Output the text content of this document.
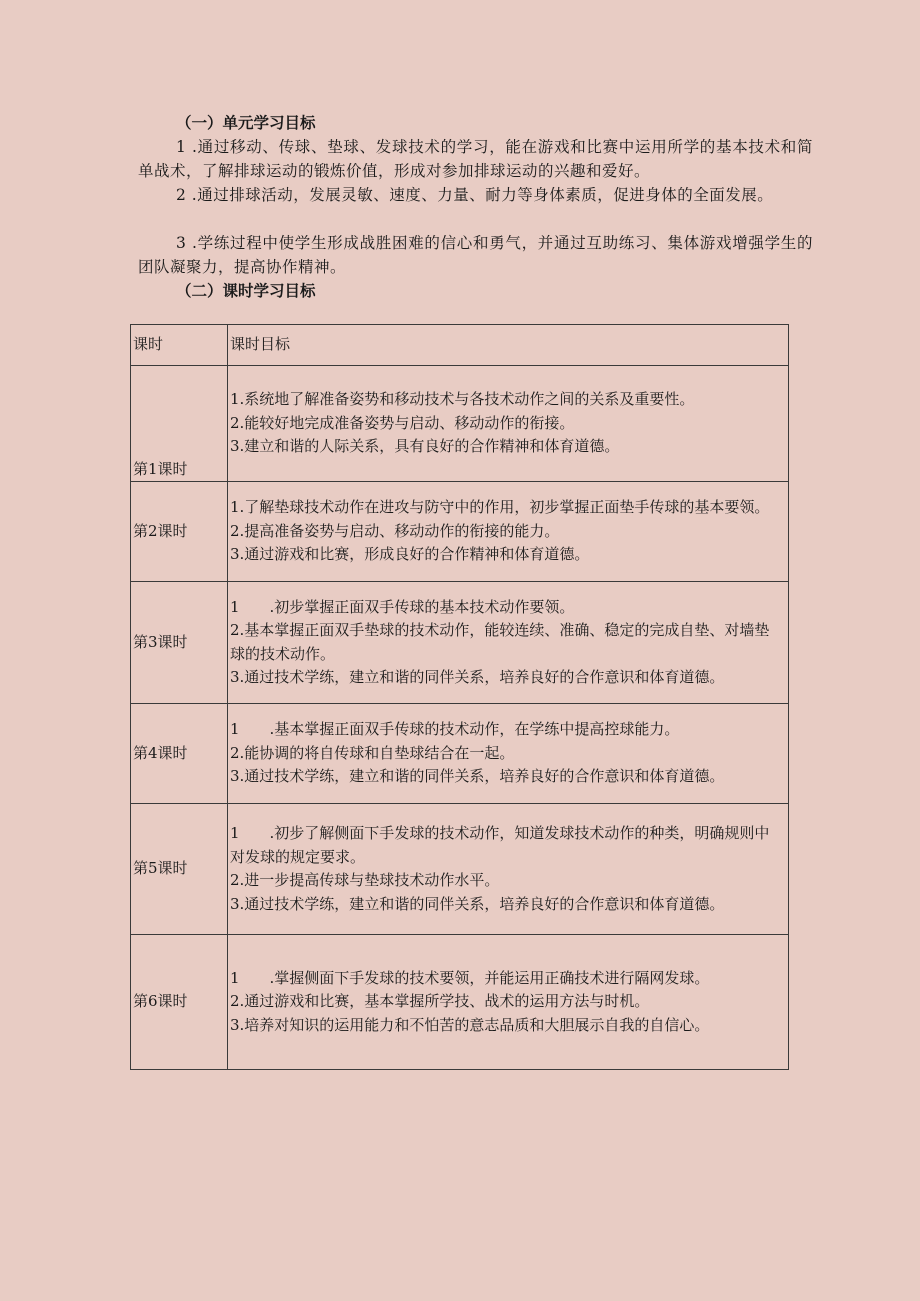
（一）单元学习目标
1 .通过移动、传球、垫球、发球技术的学习，能在游戏和比赛中运用所学的基本技术和简单战术，了解排球运动的锻炼价值，形成对参加排球运动的兴趣和爱好。
2 .通过排球活动，发展灵敏、速度、力量、耐力等身体素质，促进身体的全面发展。
3 .学练过程中使学生形成战胜困难的信心和勇气，并通过互助练习、集体游戏增强学生的团队凝聚力，提高协作精神。
（二）课时学习目标
课时	课时目标
第1课时	1.系统地了解准备姿势和移动技术与各技术动作之间的关系及重要性。
2.能较好地完成准备姿势与启动、移动动作的衔接。
3.建立和谐的人际关系，具有良好的合作精神和体育道德。

第2课时	1.了解垫球技术动作在进攻与防守中的作用，初步掌握正面垫手传球的基本要领。
2.提高准备姿势与启动、移动动作的衔接的能力。
3.通过游戏和比赛，形成良好的合作精神和体育道德。

第3课时	1　　.初步掌握正面双手传球的基本技术动作要领。
2.基本掌握正面双手垫球的技术动作，能较连续、准确、稳定的完成自垫、对墙垫球的技术动作。
3.通过技术学练，建立和谐的同伴关系，培养良好的合作意识和体育道德。

第4课时	1　　.基本掌握正面双手传球的技术动作，在学练中提高控球能力。
2.能协调的将自传球和自垫球结合在一起。
3.通过技术学练，建立和谐的同伴关系，培养良好的合作意识和体育道德。

第5课时	1　　.初步了解侧面下手发球的技术动作，知道发球技术动作的种类，明确规则中对发球的规定要求。
2.进一步提高传球与垫球技术动作水平。
3.通过技术学练，建立和谐的同伴关系，培养良好的合作意识和体育道德。

第6课时	1　　.掌握侧面下手发球的技术要领，并能运用正确技术进行隔网发球。
2.通过游戏和比赛，基本掌握所学技、战术的运用方法与时机。
3.培养对知识的运用能力和不怕苦的意志品质和大胆展示自我的自信心。
